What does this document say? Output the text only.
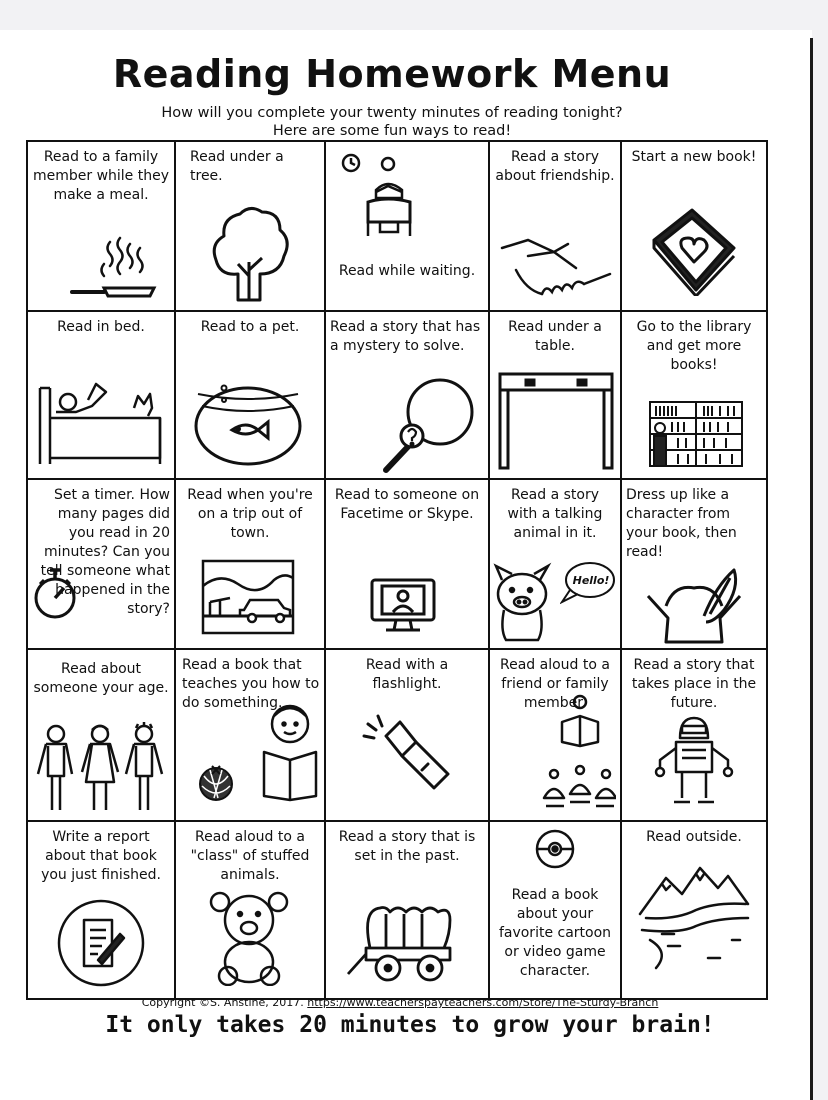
Reading Homework Menu
How will you complete your twenty minutes of reading tonight?
Here are some fun ways to read!
Read to a family member while they make a meal.
Read under a tree.
Read while waiting.
Read a story about friendship.
Start a new book!
Read in bed.	Read to a pet.	Read a story that has a mystery to solve.
Read under a table.
Go to the library and get more books!
Set a timer. How many pages did you read in 20 minutes? Can you tell someone what happened in the story?
Read when you're on a trip out of town.
Read to someone on Facetime or Skype.
Read a story with a talking animal in it.
Hello!
Dress up like a character from your book, then read!
Read about someone your age.
Read a book that teaches you how to do something.
Read with a flashlight.
Read aloud to a friend or family member.
Read a story that takes place in the future.
Write a report about that book you just finished.
Read aloud to a "class" of stuffed animals.
Read a story that is set in the past.
Read a book about your favorite cartoon or video game character.
Read outside.
Copyright ©S. Anstine, 2017. https://www.teacherspayteachers.com/Store/The-Sturdy-Branch
It only takes 20 minutes to grow your brain!
